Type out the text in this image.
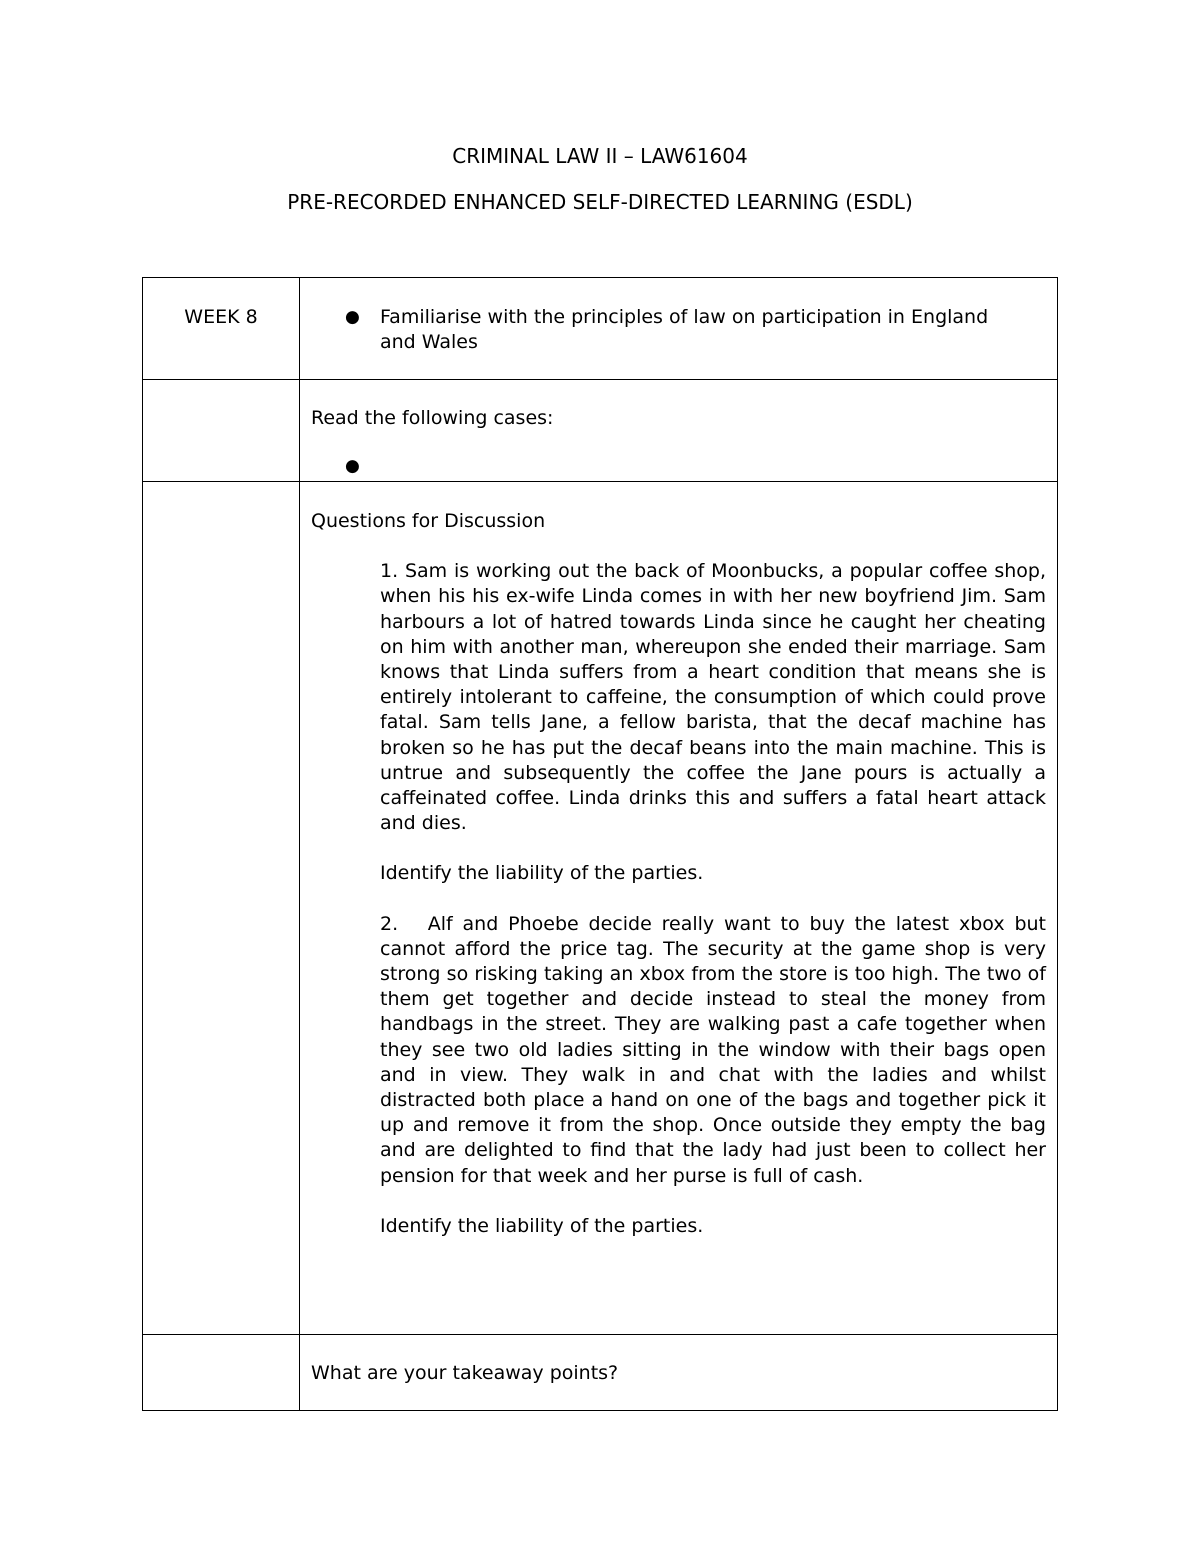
CRIMINAL LAW II – LAW61604
PRE-RECORDED ENHANCED SELF-DIRECTED LEARNING (ESDL)
WEEK 8	● Familiarise with the principles of law on participation in England and Wales
Read the following cases:
●
Questions for Discussion

1. Sam is working out the back of Moonbucks, a popular coffee shop, when his his ex-wife Linda comes in with her new boyfriend Jim. Sam harbours a lot of hatred towards Linda since he caught her cheating on him with another man, whereupon she ended their marriage. Sam knows that Linda suffers from a heart condition that means she is entirely intolerant to caffeine, the consumption of which could prove fatal. Sam tells Jane, a fellow barista, that the decaf machine has broken so he has put the decaf beans into the main machine. This is untrue and subsequently the coffee the Jane pours is actually a caffeinated coffee. Linda drinks this and suffers a fatal heart attack and dies.

Identify the liability of the parties.

2.   Alf and Phoebe decide really want to buy the latest xbox but cannot afford the price tag. The security at the game shop is very strong so risking taking an xbox from the store is too high. The two of them get together and decide instead to steal the money from handbags in the street. They are walking past a cafe together when they see two old ladies sitting in the window with their bags open and in view. They walk in and chat with the ladies and whilst distracted both place a hand on one of the bags and together pick it up and remove it from the shop. Once outside they empty the bag and are delighted to find that the lady had just been to collect her pension for that week and her purse is full of cash.

Identify the liability of the parties.

What are your takeaway points?
